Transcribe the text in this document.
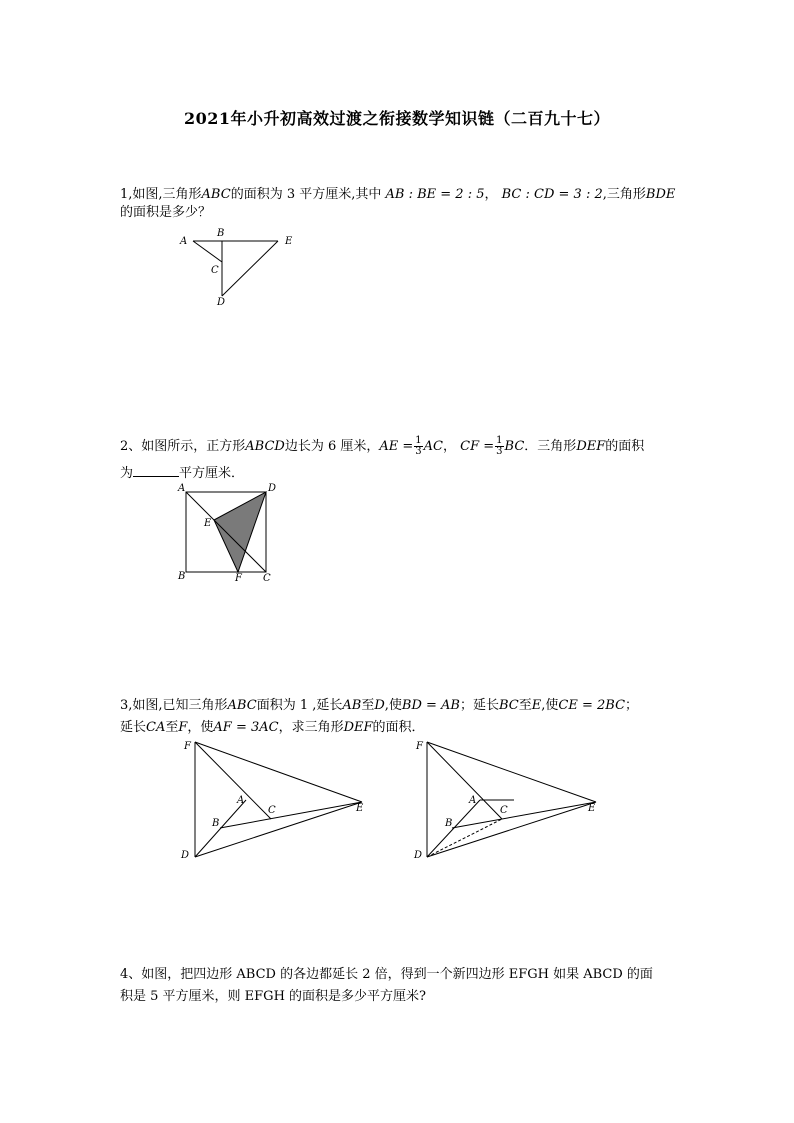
2021年小升初高效过渡之衔接数学知识链（二百九十七）
1,如图,三角形ABC的面积为 3 平方厘米,其中 AB : BE = 2 : 5， BC : CD = 3 : 2,三角形BDE
的面积是多少？
A
B
C
D
E
2、如图所示，正方形ABCD边长为 6 厘米，AE = $\frac{1}{3}$ AC， CF = $\frac{1}{3}$ BC．三角形DEF的面积
为	平方厘米．
A	D
E
B	F C
3,如图,已知三角形ABC面积为 1 ,延长AB至D,使BD = AB；延长BC至E,使CE = 2BC；
延长CA至F，使AF = 3AC，求三角形DEF的面积．
F
A
C
B
E
D
F
A
C
B
E
D
4、如图，把四边形 ABCD 的各边都延长 2 倍，得到一个新四边形 EFGH 如果 ABCD 的面
积是 5 平方厘米，则 EFGH 的面积是多少平方厘米?
